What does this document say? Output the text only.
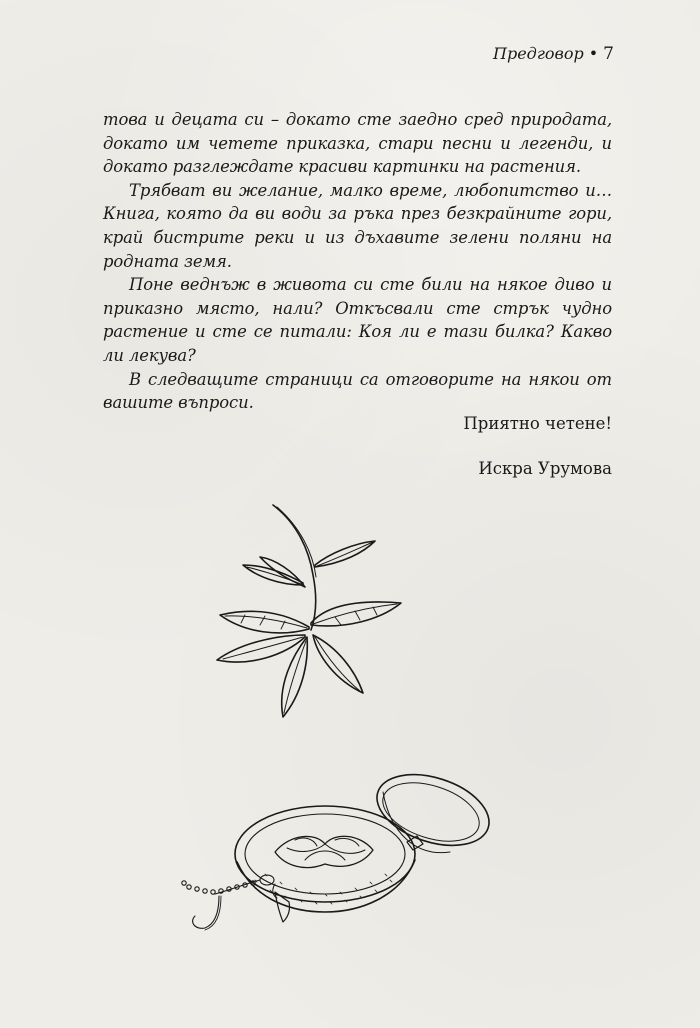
Предговор • 7

това и децата си – докато сте заедно сред природата, докато им четете приказка, стари песни и легенди, и докато разглеждате красиви картинки на растения.

Трябват ви желание, малко време, любопитство и… Книга, която да ви води за ръка през безкрайните гори, край бистрите реки и из дъхавите зелени поляни на родната земя.

Поне веднъж в живота си сте били на някое диво и приказно място, нали? Откъсвали сте стрък чудно растение и сте се питали: Коя ли е тази билка? Какво ли лекува?

В следващите страници са отговорите на някои от вашите въпроси.

Приятно четене!
Искра Урумова
